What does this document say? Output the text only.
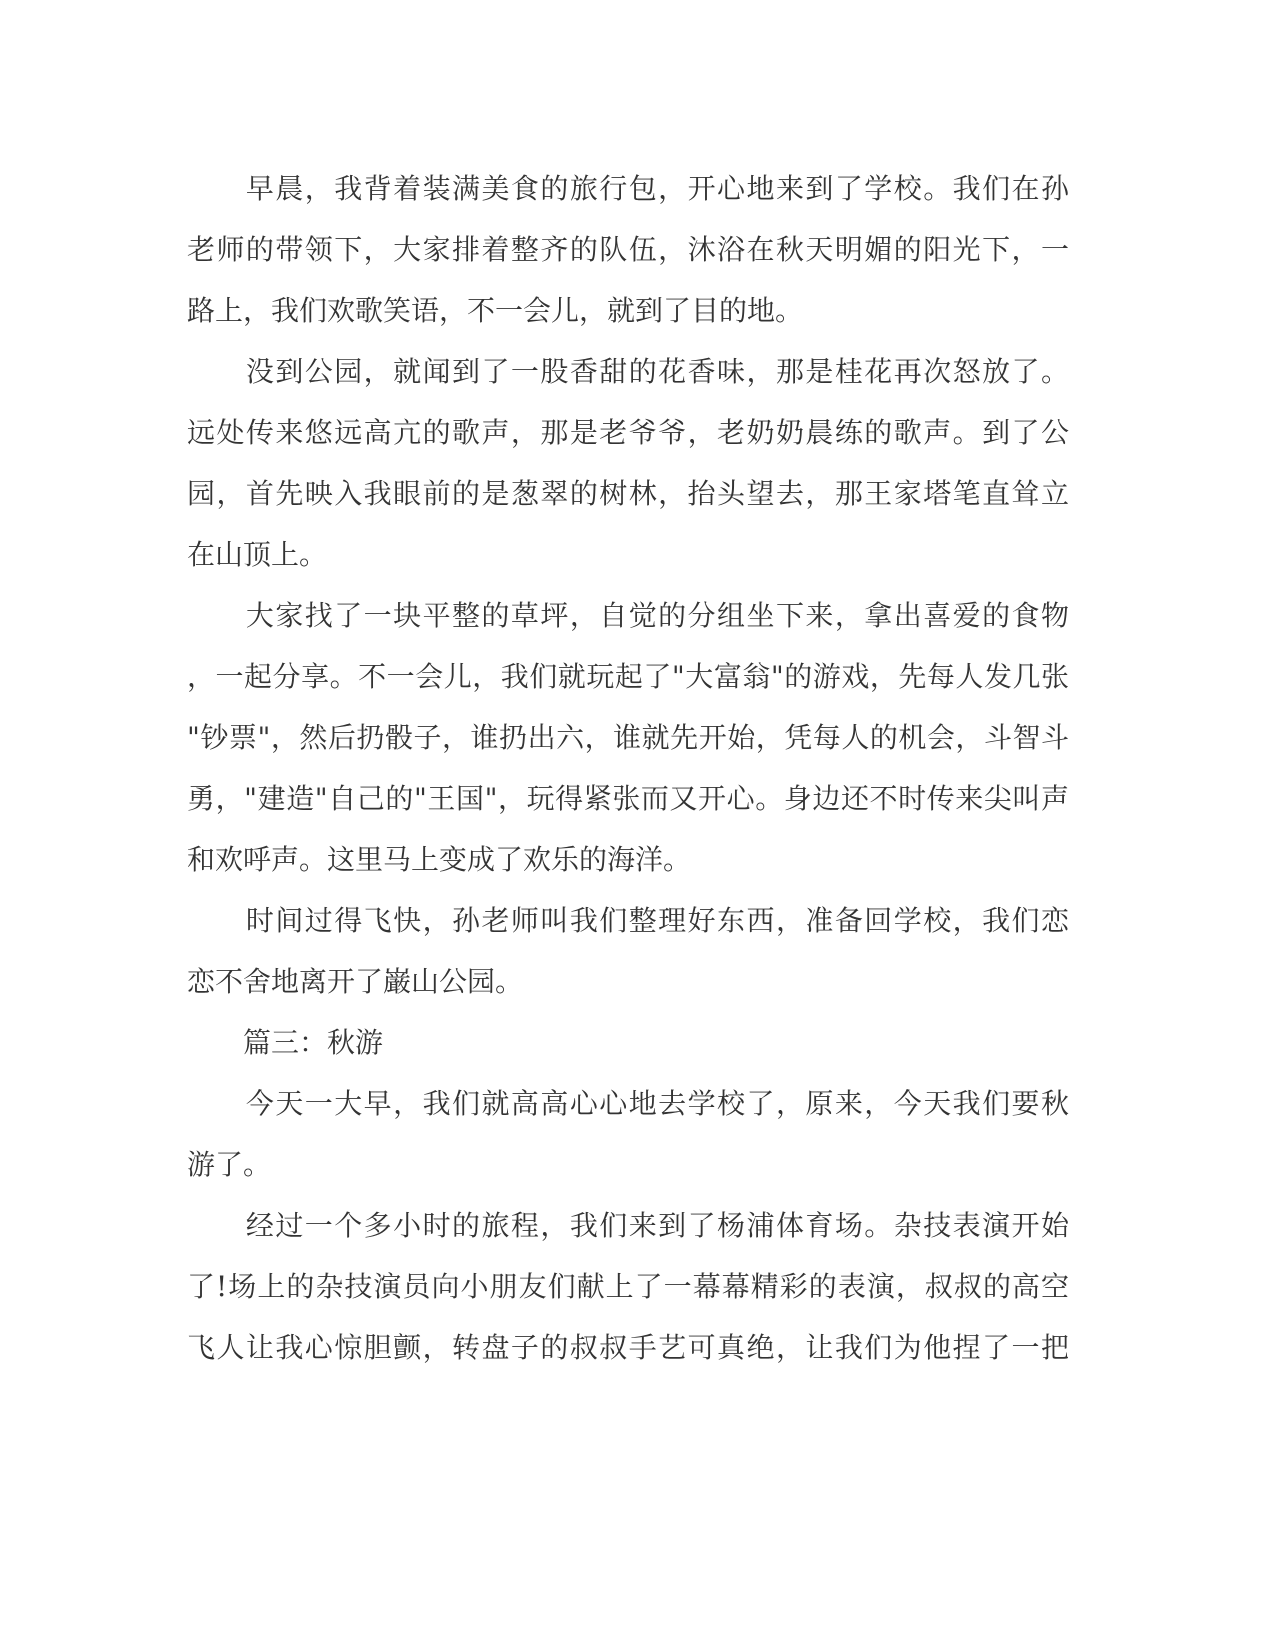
　　早晨，我背着装满美食的旅行包，开心地来到了学校。我们在孙
老师的带领下，大家排着整齐的队伍，沐浴在秋天明媚的阳光下，一
路上，我们欢歌笑语，不一会儿，就到了目的地。
　　没到公园，就闻到了一股香甜的花香味，那是桂花再次怒放了。
远处传来悠远高亢的歌声，那是老爷爷，老奶奶晨练的歌声。到了公
园，首先映入我眼前的是葱翠的树林，抬头望去，那王家塔笔直耸立
在山顶上。
　　大家找了一块平整的草坪，自觉的分组坐下来，拿出喜爱的食物
，一起分享。不一会儿，我们就玩起了"大富翁"的游戏，先每人发几张
"钞票"，然后扔骰子，谁扔出六，谁就先开始，凭每人的机会，斗智斗
勇，"建造"自己的"王国"，玩得紧张而又开心。身边还不时传来尖叫声
和欢呼声。这里马上变成了欢乐的海洋。
　　时间过得飞快，孙老师叫我们整理好东西，准备回学校，我们恋
恋不舍地离开了巌山公园。
　　篇三：秋游
　　今天一大早，我们就高高心心地去学校了，原来，今天我们要秋
游了。
　　经过一个多小时的旅程，我们来到了杨浦体育场。杂技表演开始
了!场上的杂技演员向小朋友们献上了一幕幕精彩的表演，叔叔的高空
飞人让我心惊胆颤，转盘子的叔叔手艺可真绝，让我们为他捏了一把
